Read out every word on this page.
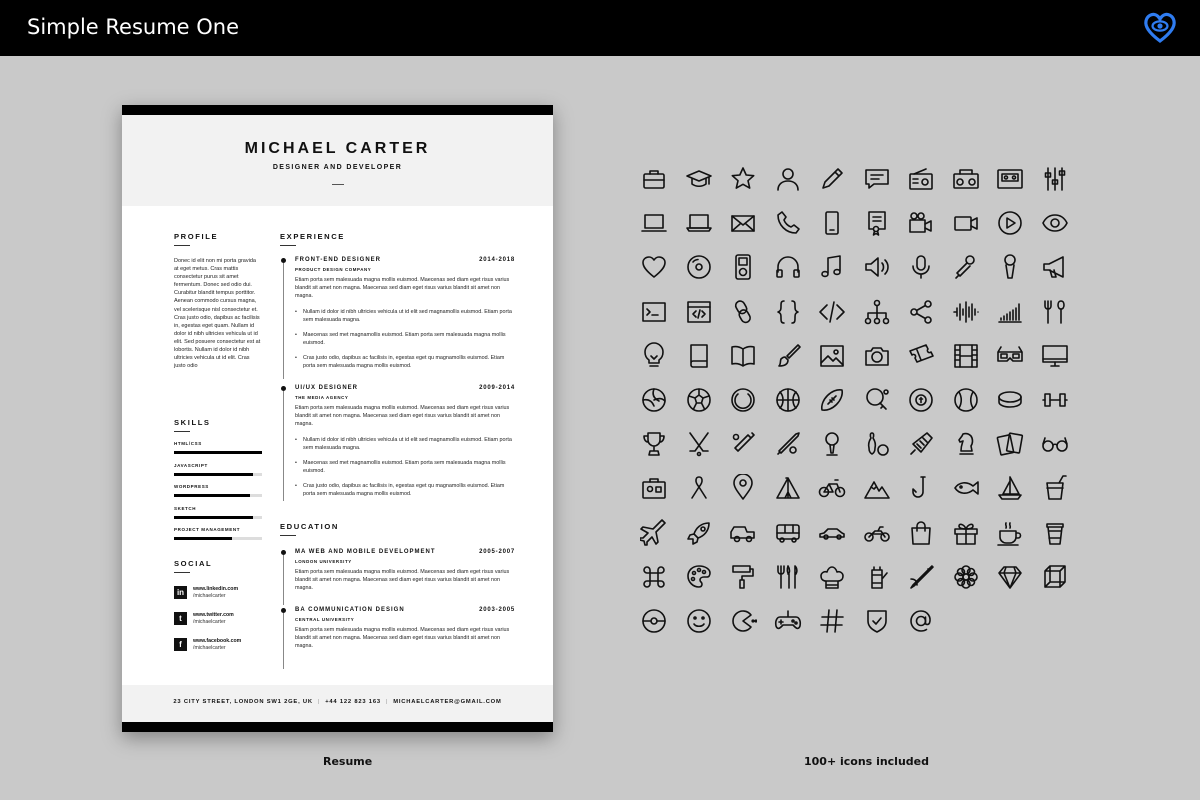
Simple Resume One
MICHAEL CARTER
DESIGNER AND DEVELOPER
PROFILE
Donec id elit non mi porta gravida at eget metus. Cras mattis consectetur purus sit amet fermentum. Donec sed odio dui. Curabitur blandit tempus porttitor. Aenean commodo cursus magna, vel scelerisque nisl consectetur et. Cras justo odio, dapibus ac facilisis in, egestas eget quam. Nullam id dolor id nibh ultricies vehicula ut id elit. Sed posuere consectetur est at lobortis. Nullam id dolor id nibh ultricies vehicula ut id elit. Cras justo odio
SKILLS
HTML/CSS
JAVASCRIPT
WORDPRESS
SKETCH
PROJECT MANAGEMENT
SOCIAL
in	www.linkedin.com
/michaelcarter
t	www.twitter.com
/michaelcarter
f	www.facebook.com
/michaelcarter
EXPERIENCE
FRONT-END DESIGNER	2014-2018
PRODUCT DESIGN COMPANY
Etiam porta sem malesuada magna mollis euismod. Maecenas sed diam eget risus varius blandit sit amet non magna. Maecenas sed diam eget risus varius blandit sit amet non magna.
• Nullam id dolor id nibh ultricies vehicula ut id elit sed magnamollis euismod. Etiam porta sem malesuada magna.
• Maecenas sed met magnamollis euismod. Etiam porta sem malesuada magna mollis euismod.
• Cras justo odio, dapibus ac facilisis in, egestas eget qu magnamollis euismod. Etiam porta sem malesuada magna mollis euismod.
UI/UX DESIGNER	2009-2014
THE MEDIA AGENCY
Etiam porta sem malesuada magna mollis euismod. Maecenas sed diam eget risus varius blandit sit amet non magna. Maecenas sed diam eget risus varius blandit sit amet non magna.
• Nullam id dolor id nibh ultricies vehicula ut id elit sed magnamollis euismod. Etiam porta sem malesuada magna.
• Maecenas sed met magnamollis euismod. Etiam porta sem malesuada magna mollis euismod.
• Cras justo odio, dapibus ac facilisis in, egestas eget qu magnamollis euismod. Etiam porta sem malesuada magna mollis euismod.
EDUCATION
MA WEB AND MOBILE DEVELOPMENT	2005-2007
LONDON UNIVERSITY
Etiam porta sem malesuada magna mollis euismod. Maecenas sed diam eget risus varius blandit sit amet non magna. Maecenas sed diam eget risus varius blandit sit amet non magna.
BA COMMUNICATION DESIGN	2003-2005
CENTRAL UNIVERSITY
Etiam porta sem malesuada magna mollis euismod. Maecenas sed diam eget risus varius blandit sit amet non magna. Maecenas sed diam eget risus varius blandit sit amet non magna.
23 CITY STREET, LONDON SW1 2GE, UK | +44 122 823 163 | MICHAELCARTER@GMAIL.COM
Resume	100+ icons included
